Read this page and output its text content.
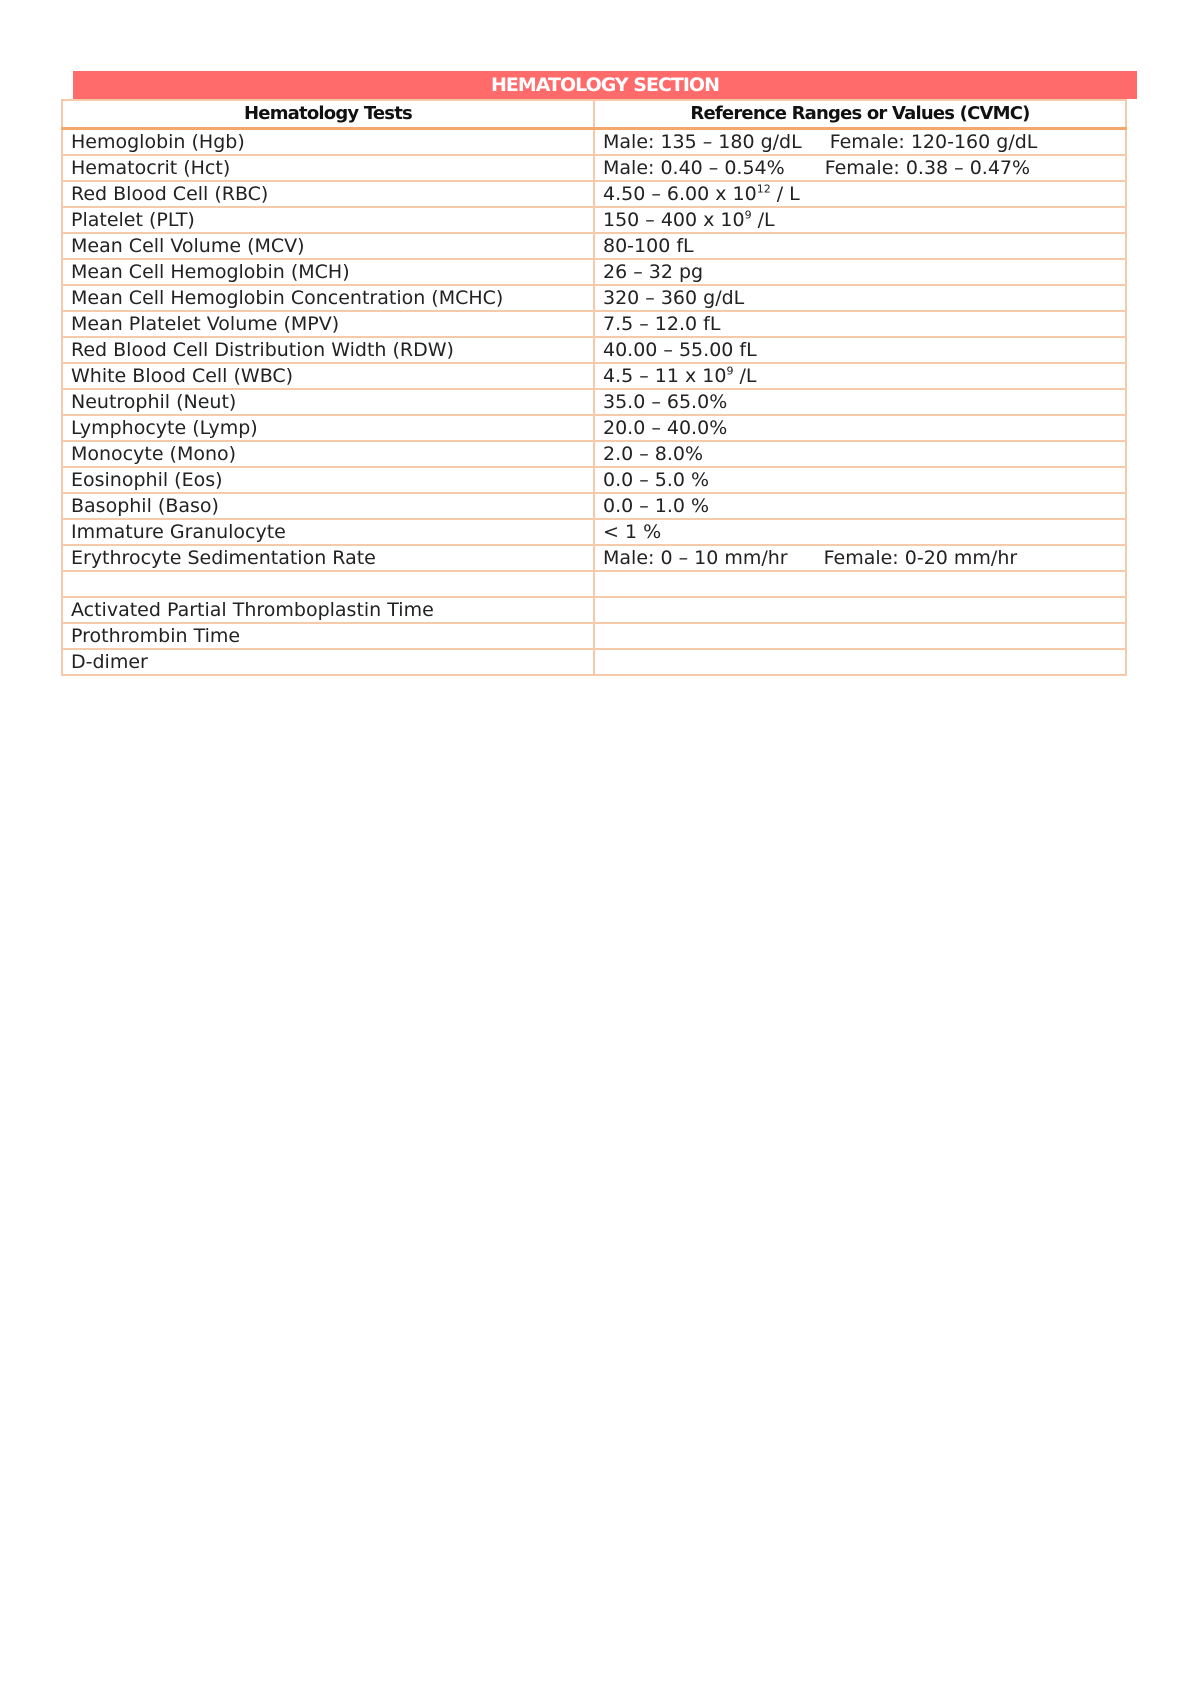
HEMATOLOGY SECTION
Hematology Tests	Reference Ranges or Values (CVMC)
Hemoglobin (Hgb)	Male: 135 – 180 g/dL Female: 120-160 g/dL
Hematocrit (Hct)	Male: 0.40 – 0.54% Female: 0.38 – 0.47%
Red Blood Cell (RBC)	4.50 – 6.00 x $10^{12}$ / L
Platelet (PLT)	150 – 400 x $10^9$ /L
Mean Cell Volume (MCV)	80-100 fL
Mean Cell Hemoglobin (MCH)	26 – 32 pg
Mean Cell Hemoglobin Concentration (MCHC)	320 – 360 g/dL
Mean Platelet Volume (MPV)	7.5 – 12.0 fL
Red Blood Cell Distribution Width (RDW)	40.00 – 55.00 fL
White Blood Cell (WBC)	4.5 – 11 x $10^9$ /L
Neutrophil (Neut)	35.0 – 65.0%
Lymphocyte (Lymp)	20.0 – 40.0%
Monocyte (Mono)	2.0 – 8.0%
Eosinophil (Eos)	0.0 – 5.0 %
Basophil (Baso)	0.0 – 1.0 %
Immature Granulocyte	< 1 %
Erythrocyte Sedimentation Rate	Male: 0 – 10 mm/hr Female: 0-20 mm/hr

Activated Partial Thromboplastin Time	
Prothrombin Time	
D-dimer	
